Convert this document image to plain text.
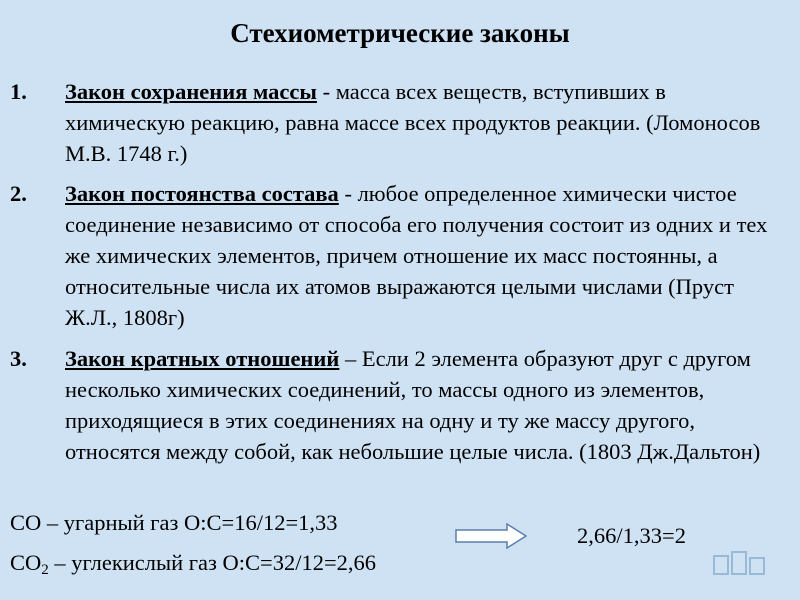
Стехиометрические законы
1. Закон сохранения массы - масса всех веществ, вступивших в химическую реакцию, равна массе всех продуктов реакции. (Ломоносов М.В. 1748 г.)
2. Закон постоянства состава - любое определенное химически чистое соединение независимо от способа его получения состоит из одних и тех же химических элементов, причем отношение их масс постоянны, а относительные числа их атомов выражаются целыми числами (Пруст Ж.Л., 1808г)
3. Закон кратных отношений – Если 2 элемента образуют друг с другом несколько химических соединений, то массы одного из элементов, приходящиеся в этих соединениях на одну и ту же массу другого, относятся между собой, как небольшие целые числа. (1803 Дж.Дальтон)
СО – угарный газ O:C=16/12=1,33
$СО_2$ – углекислый газ O:C=32/12=2,66
2,66/1,33=2
